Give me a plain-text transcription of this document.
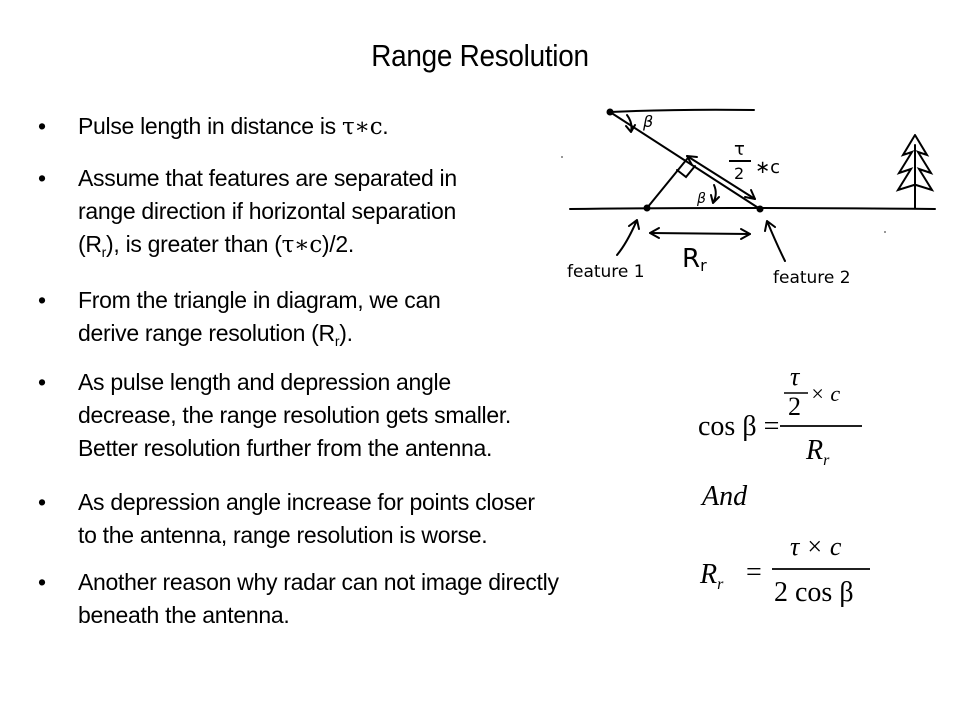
Range Resolution
•	Pulse length in distance is τ∗c.
•	Assume that features are separated in
range direction if horizontal separation
$(R_r)$, is greater than (τ∗c)/2.
•	From the triangle in diagram, we can
derive range resolution $(R_r)$.
•	As pulse length and depression angle
decrease, the range resolution gets smaller.
Better resolution further from the antenna.
•	As depression angle increase for points closer
to the antenna, range resolution is worse.
•	Another reason why radar can not image directly
beneath the antenna.
β
β
τ
2 ∗c
feature 1	feature 2
Rr
cos β =
τ
2 × c
$R_r$
And
$R_r$ =
τ × c
2 cos β
